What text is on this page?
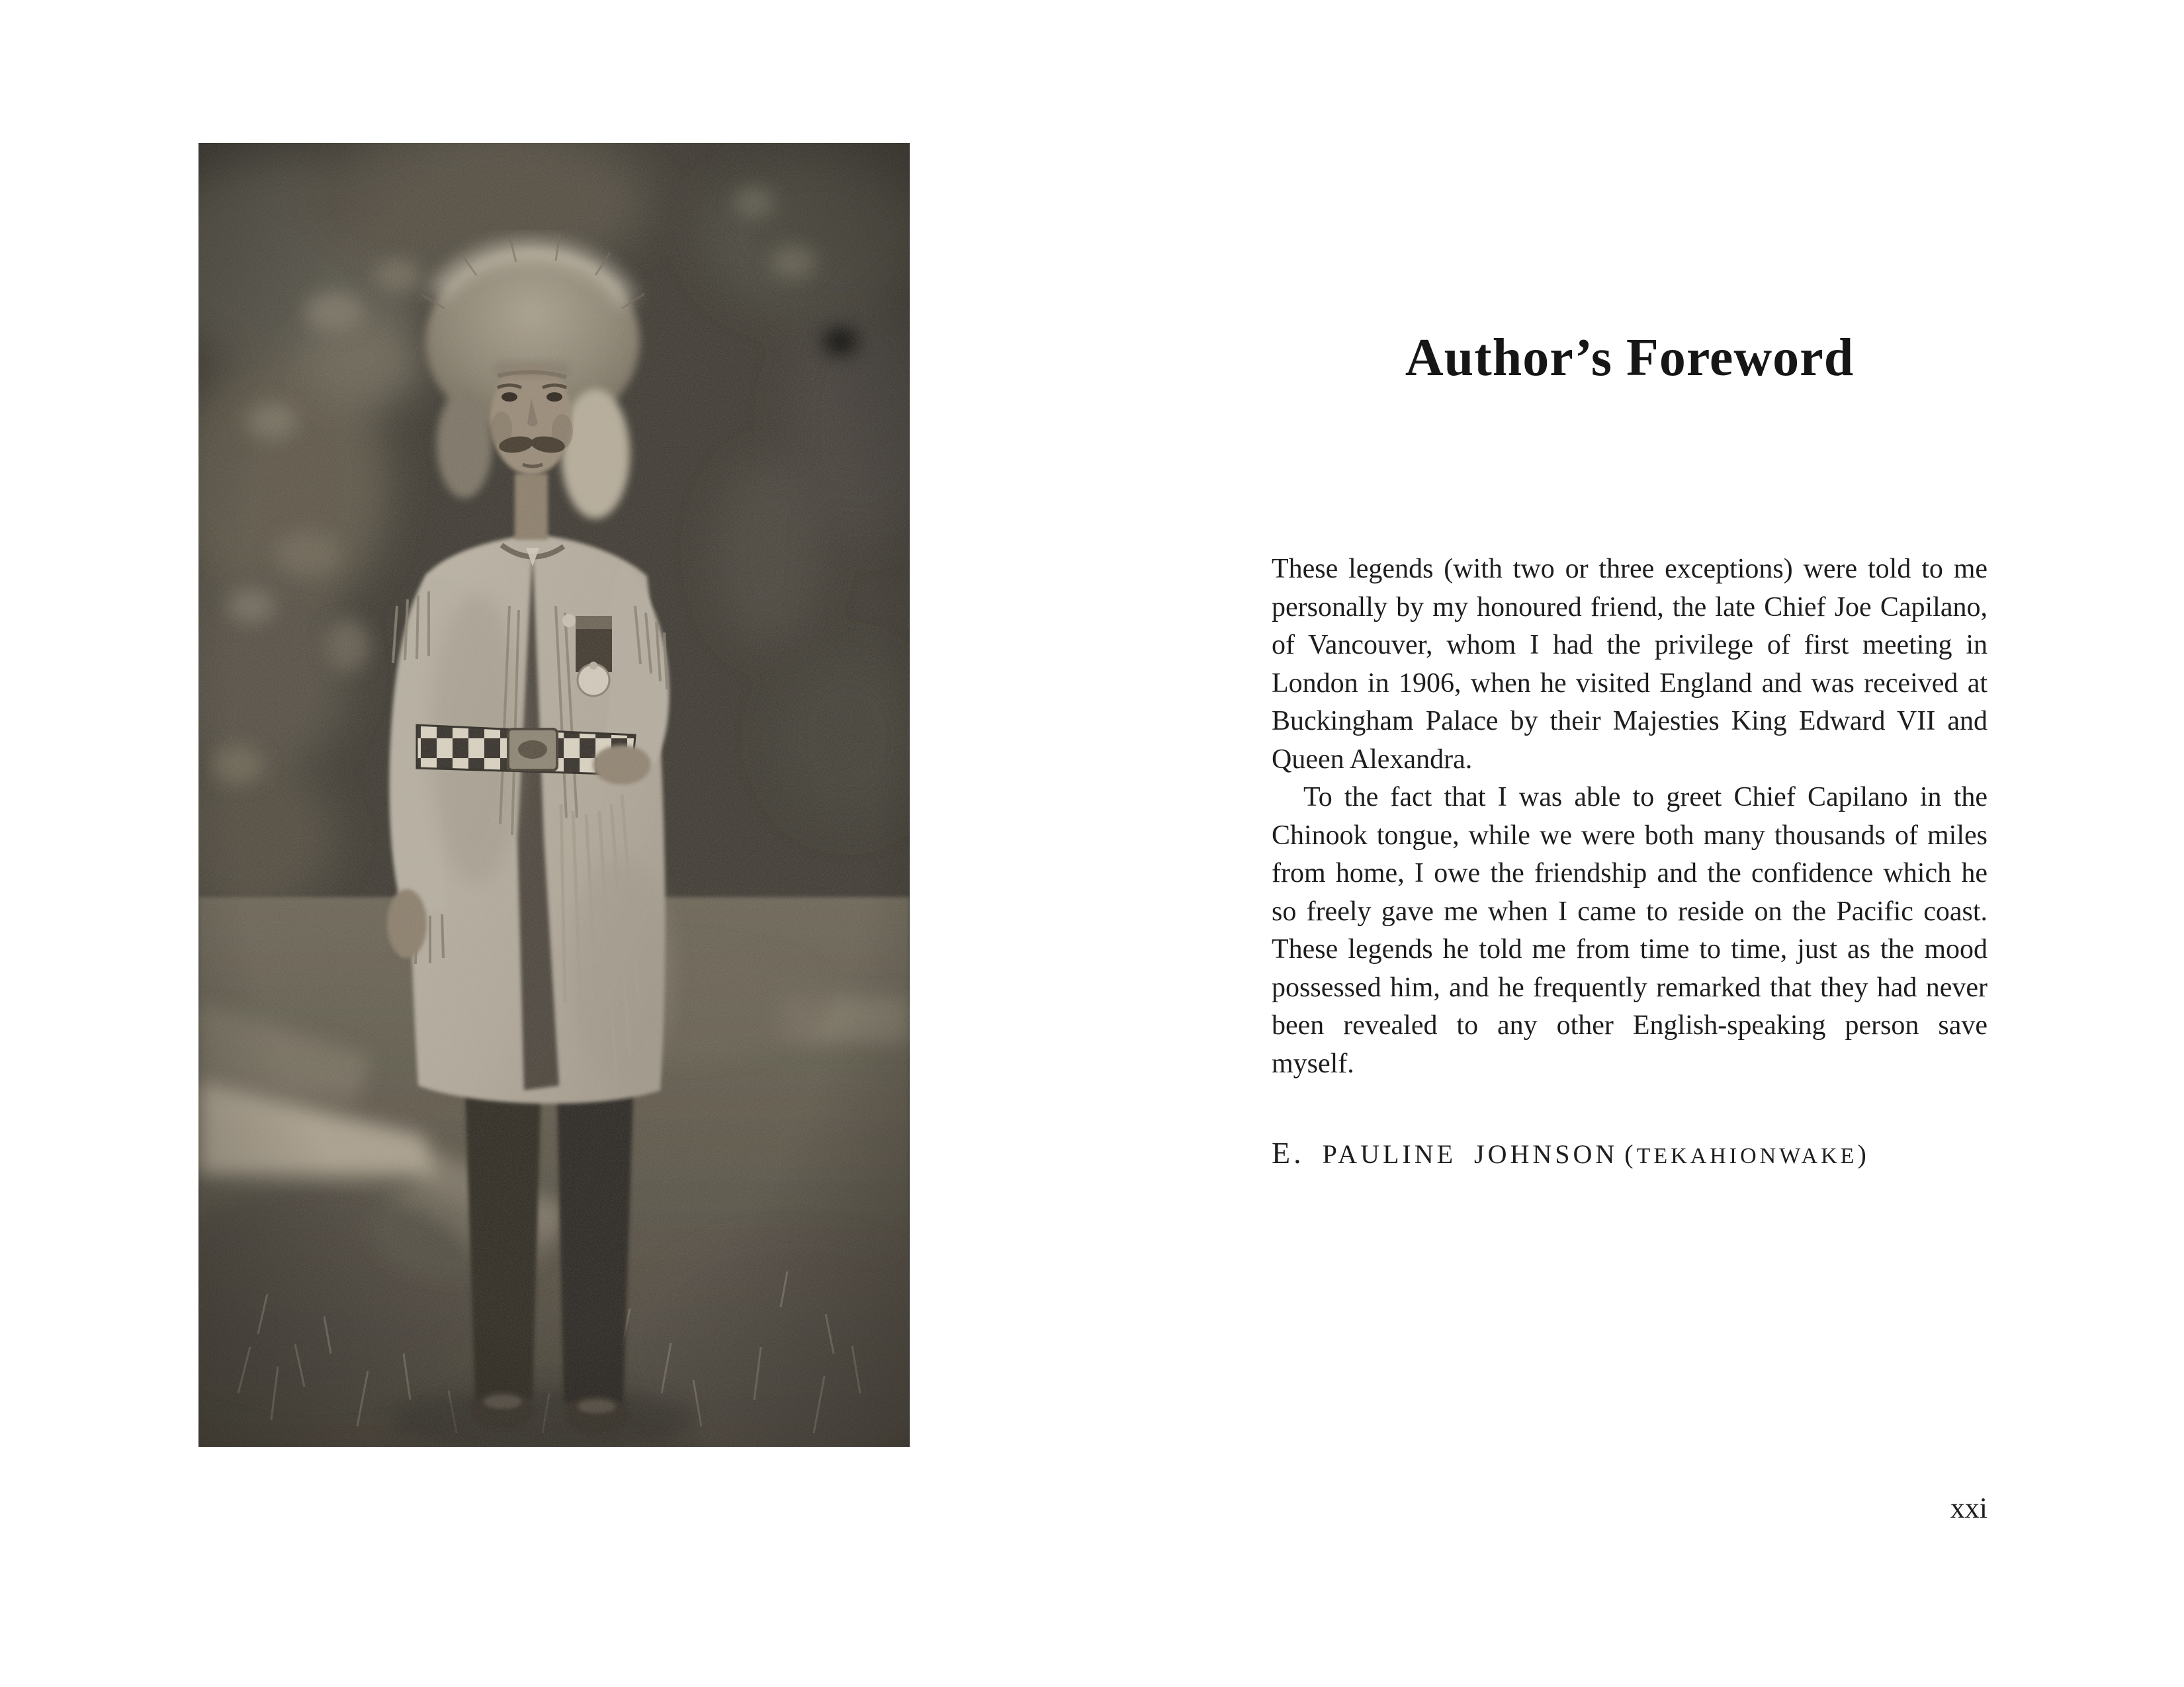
Author’s Foreword

These legends (with two or three exceptions) were told to me personally by my honoured friend, the late Chief Joe Capilano, of Vancouver, whom I had the privilege of first meeting in London in 1906, when he visited England and was received at Buckingham Palace by their Majesties King Edward VII and Queen Alexandra.

To the fact that I was able to greet Chief Capilano in the Chinook tongue, while we were both many thousands of miles from home, I owe the friendship and the confidence which he so freely gave me when I came to reside on the Pacific coast. These legends he told me from time to time, just as the mood possessed him, and he frequently remarked that they had never been revealed to any other English-speaking person save myself.

E. PAULINE JOHNSON (TEKAHIONWAKE)
xxi
